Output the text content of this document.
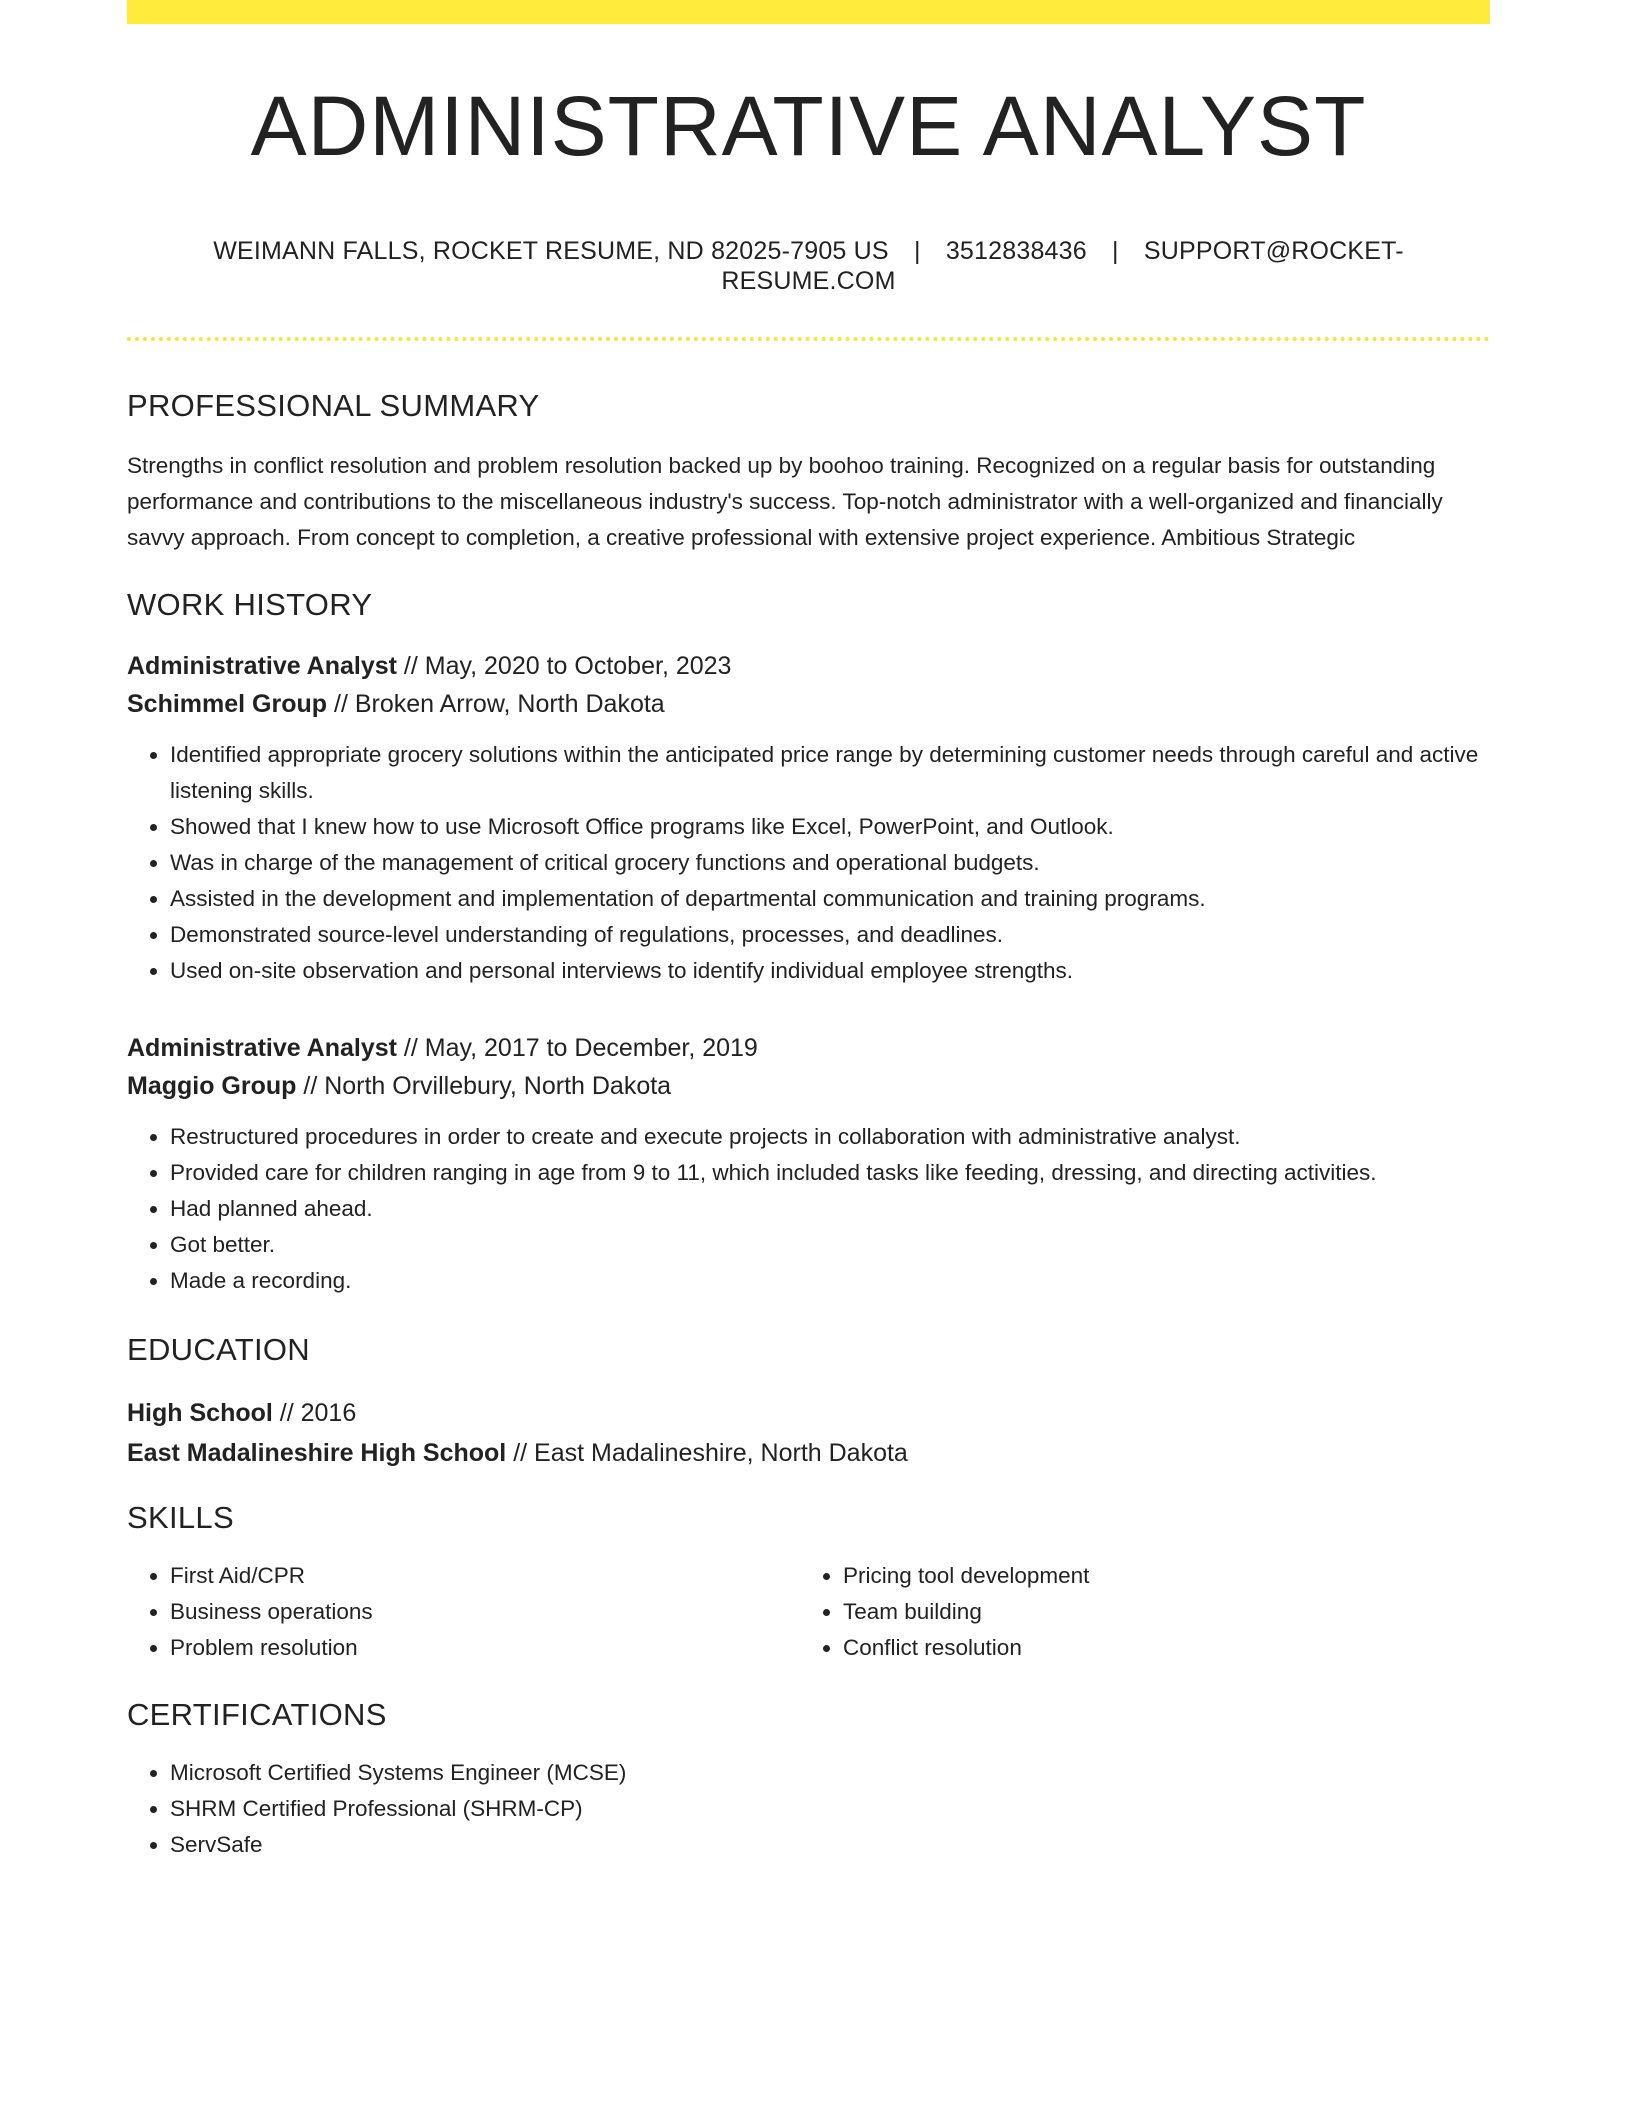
ADMINISTRATIVE ANALYST
WEIMANN FALLS, ROCKET RESUME, ND 82025-7905 US | 3512838436 | SUPPORT@ROCKET-RESUME.COM
PROFESSIONAL SUMMARY

Strengths in conflict resolution and problem resolution backed up by boohoo training. Recognized on a regular basis for outstanding performance and contributions to the miscellaneous industry's success. Top-notch administrator with a well-organized and financially savvy approach. From concept to completion, a creative professional with extensive project experience. Ambitious Strategic

WORK HISTORY
Administrative Analyst // May, 2020 to October, 2023
Schimmel Group // Broken Arrow, North Dakota
• Identified appropriate grocery solutions within the anticipated price range by determining customer needs through careful and active listening skills.
• Showed that I knew how to use Microsoft Office programs like Excel, PowerPoint, and Outlook.
• Was in charge of the management of critical grocery functions and operational budgets.
• Assisted in the development and implementation of departmental communication and training programs.
• Demonstrated source-level understanding of regulations, processes, and deadlines.
• Used on-site observation and personal interviews to identify individual employee strengths.
Administrative Analyst // May, 2017 to December, 2019
Maggio Group // North Orvillebury, North Dakota
• Restructured procedures in order to create and execute projects in collaboration with administrative analyst.
• Provided care for children ranging in age from 9 to 11, which included tasks like feeding, dressing, and directing activities.
• Had planned ahead.
• Got better.
• Made a recording.
EDUCATION
High School // 2016
East Madalineshire High School // East Madalineshire, North Dakota
SKILLS
• First Aid/CPR
• Business operations
• Problem resolution
• Pricing tool development
• Team building
• Conflict resolution
CERTIFICATIONS
• Microsoft Certified Systems Engineer (MCSE)
• SHRM Certified Professional (SHRM-CP)
• ServSafe
